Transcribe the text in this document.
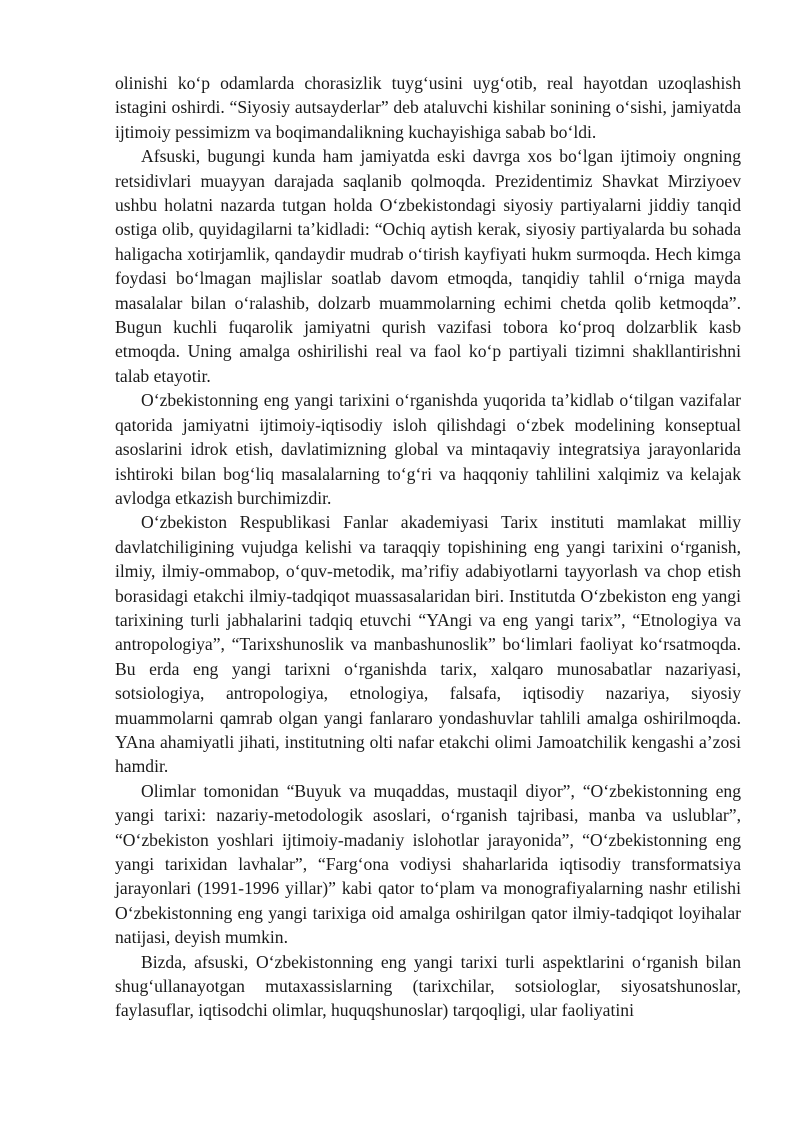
olinishi ko‘p odamlarda chorasizlik tuyg‘usini uyg‘otib, real hayotdan uzoqlashish istagini oshirdi. “Siyosiy autsayderlar” deb ataluvchi kishilar sonining o‘sishi, jamiyatda ijtimoiy pessimizm va boqimandalikning kuchayishiga sabab bo‘ldi.

Afsuski, bugungi kunda ham jamiyatda eski davrga xos bo‘lgan ijtimoiy ongning retsidivlari muayyan darajada saqlanib qolmoqda. Prezidentimiz Shavkat Mirziyoev ushbu holatni nazarda tutgan holda O‘zbekistondagi siyosiy partiyalarni jiddiy tanqid ostiga olib, quyidagilarni ta’kidladi: “Ochiq aytish kerak, siyosiy partiyalarda bu sohada haligacha xotirjamlik, qandaydir mudrab o‘tirish kayfiyati hukm surmoqda. Hech kimga foydasi bo‘lmagan majlislar soatlab davom etmoqda, tanqidiy tahlil o‘rniga mayda masalalar bilan o‘ralashib, dolzarb muammolarning echimi chetda qolib ketmoqda”. Bugun kuchli fuqarolik jamiyatni qurish vazifasi tobora ko‘proq dolzarblik kasb etmoqda. Uning amalga oshirilishi real va faol ko‘p partiyali tizimni shakllantirishni talab etayotir.

O‘zbekistonning eng yangi tarixini o‘rganishda yuqorida ta’kidlab o‘tilgan vazifalar qatorida jamiyatni ijtimoiy-iqtisodiy isloh qilishdagi o‘zbek modelining konseptual asoslarini idrok etish, davlatimizning global va mintaqaviy integratsiya jarayonlarida ishtiroki bilan bog‘liq masalalarning to‘g‘ri va haqqoniy tahlilini xalqimiz va kelajak avlodga etkazish burchimizdir.

O‘zbekiston Respublikasi Fanlar akademiyasi Tarix instituti mamlakat milliy davlatchiligining vujudga kelishi va taraqqiy topishining eng yangi tarixini o‘rganish, ilmiy, ilmiy-ommabop, o‘quv-metodik, ma’rifiy adabiyotlarni tayyorlash va chop etish borasidagi etakchi ilmiy-tadqiqot muassasalaridan biri. Institutda O‘zbekiston eng yangi tarixining turli jabhalarini tadqiq etuvchi “YAngi va eng yangi tarix”, “Etnologiya va antropologiya”, “Tarixshunoslik va manbashunoslik” bo‘limlari faoliyat ko‘rsatmoqda. Bu erda eng yangi tarixni o‘rganishda tarix, xalqaro munosabatlar nazariyasi, sotsiologiya, antropologiya, etnologiya, falsafa, iqtisodiy nazariya, siyosiy muammolarni qamrab olgan yangi fanlararo yondashuvlar tahlili amalga oshirilmoqda. YAna ahamiyatli jihati, institutning olti nafar etakchi olimi Jamoatchilik kengashi a’zosi hamdir.

Olimlar tomonidan “Buyuk va muqaddas, mustaqil diyor”, “O‘zbekistonning eng yangi tarixi: nazariy-metodologik asoslari, o‘rganish tajribasi, manba va uslublar”, “O‘zbekiston yoshlari ijtimoiy-madaniy islohotlar jarayonida”, “O‘zbekistonning eng yangi tarixidan lavhalar”, “Farg‘ona vodiysi shaharlarida iqtisodiy transformatsiya jarayonlari (1991-1996 yillar)” kabi qator to‘plam va monografiyalarning nashr etilishi O‘zbekistonning eng yangi tarixiga oid amalga oshirilgan qator ilmiy-tadqiqot loyihalar natijasi, deyish mumkin.

Bizda, afsuski, O‘zbekistonning eng yangi tarixi turli aspektlarini o‘rganish bilan shug‘ullanayotgan mutaxassislarning (tarixchilar, sotsiologlar, siyosatshunoslar, faylasuflar, iqtisodchi olimlar, huquqshunoslar) tarqoqligi, ular faoliyatini
